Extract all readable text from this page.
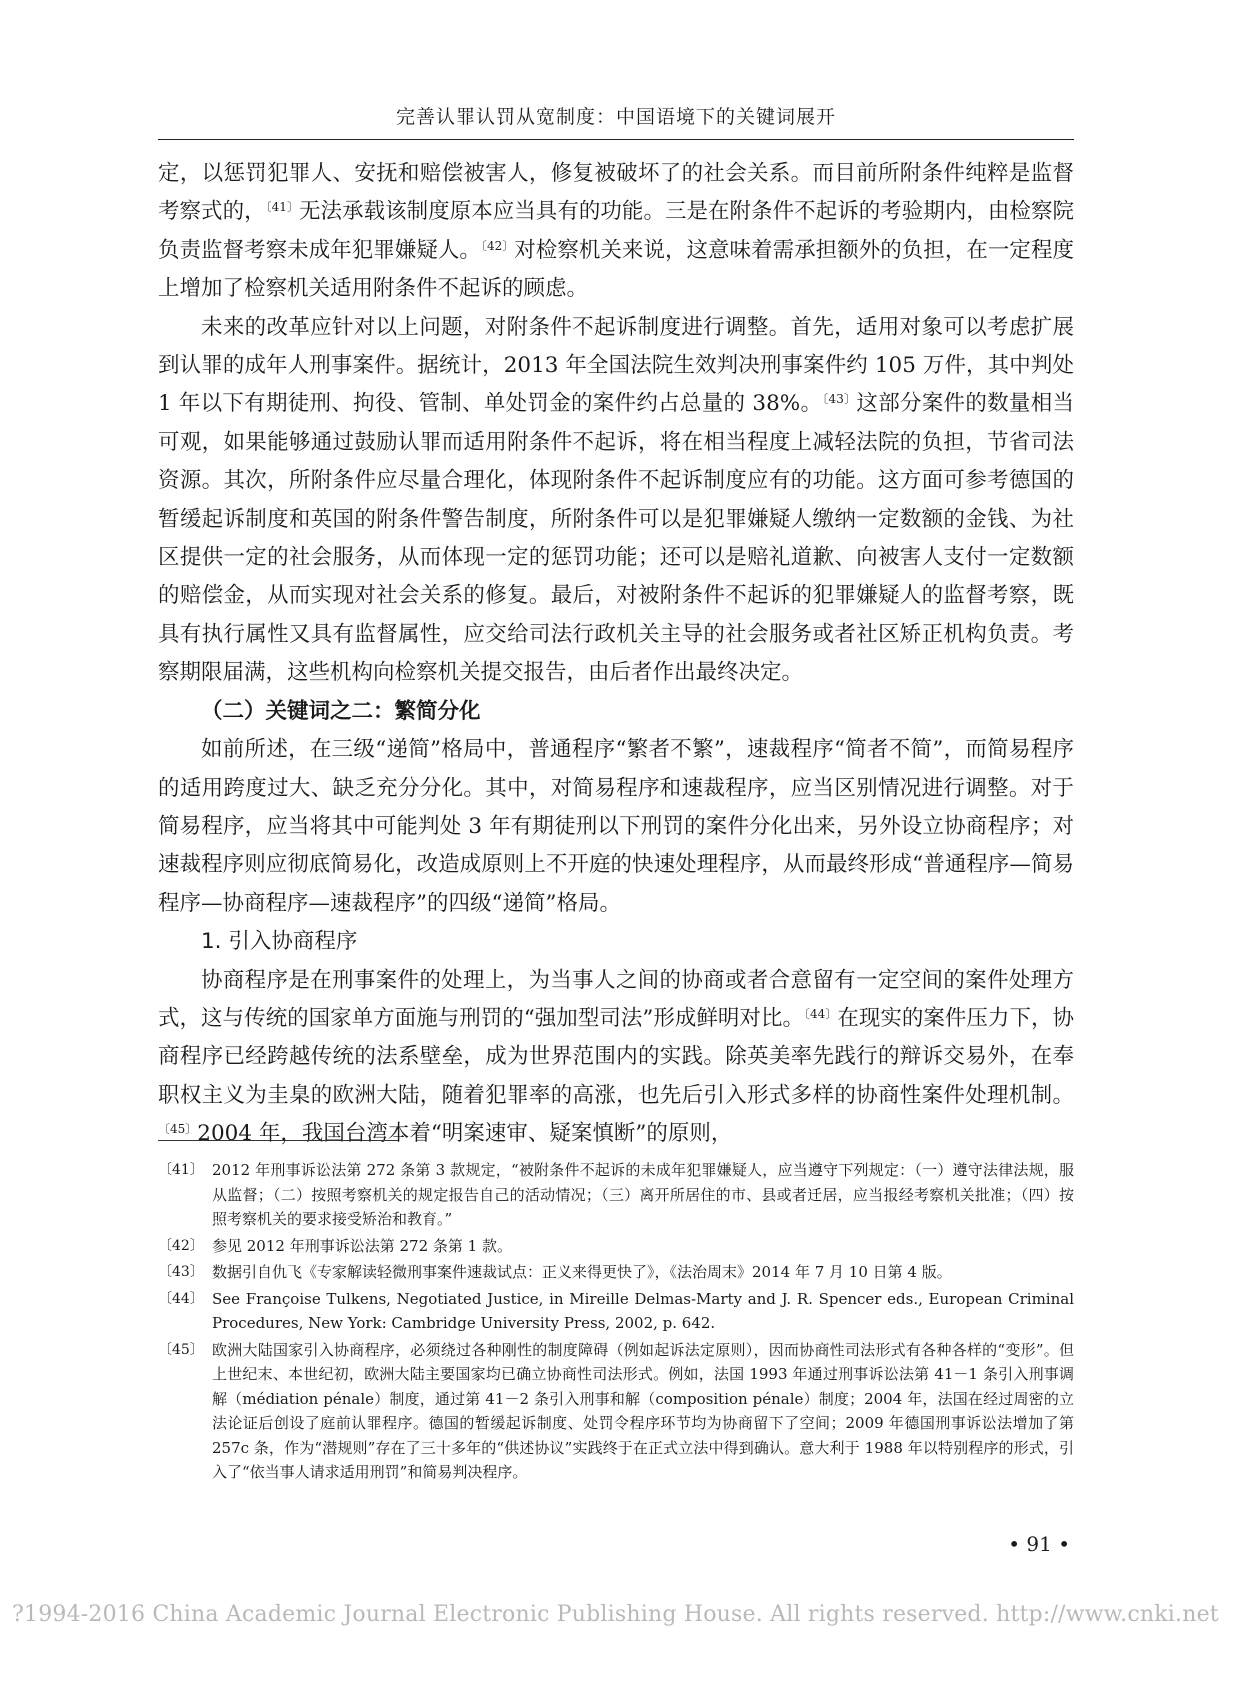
完善认罪认罚从宽制度：中国语境下的关键词展开

定，以惩罚犯罪人、安抚和赔偿被害人，修复被破坏了的社会关系。而目前所附条件纯粹是监督考察式的，$^{〔41〕}$无法承载该制度原本应当具有的功能。三是在附条件不起诉的考验期内，由检察院负责监督考察未成年犯罪嫌疑人。$^{〔42〕}$对检察机关来说，这意味着需承担额外的负担，在一定程度上增加了检察机关适用附条件不起诉的顾虑。

未来的改革应针对以上问题，对附条件不起诉制度进行调整。首先，适用对象可以考虑扩展到认罪的成年人刑事案件。据统计，2013 年全国法院生效判决刑事案件约 105 万件，其中判处 1 年以下有期徒刑、拘役、管制、单处罚金的案件约占总量的 38%。$^{〔43〕}$这部分案件的数量相当可观，如果能够通过鼓励认罪而适用附条件不起诉，将在相当程度上减轻法院的负担，节省司法资源。其次，所附条件应尽量合理化，体现附条件不起诉制度应有的功能。这方面可参考德国的暂缓起诉制度和英国的附条件警告制度，所附条件可以是犯罪嫌疑人缴纳一定数额的金钱、为社区提供一定的社会服务，从而体现一定的惩罚功能；还可以是赔礼道歉、向被害人支付一定数额的赔偿金，从而实现对社会关系的修复。最后，对被附条件不起诉的犯罪嫌疑人的监督考察，既具有执行属性又具有监督属性，应交给司法行政机关主导的社会服务或者社区矫正机构负责。考察期限届满，这些机构向检察机关提交报告，由后者作出最终决定。

（二）关键词之二：繁简分化

如前所述，在三级“递简”格局中，普通程序“繁者不繁”，速裁程序“简者不简”，而简易程序的适用跨度过大、缺乏充分分化。其中，对简易程序和速裁程序，应当区别情况进行调整。对于简易程序，应当将其中可能判处 3 年有期徒刑以下刑罚的案件分化出来，另外设立协商程序；对速裁程序则应彻底简易化，改造成原则上不开庭的快速处理程序，从而最终形成“普通程序—简易程序—协商程序—速裁程序”的四级“递简”格局。

1. 引入协商程序

协商程序是在刑事案件的处理上，为当事人之间的协商或者合意留有一定空间的案件处理方式，这与传统的国家单方面施与刑罚的“强加型司法”形成鲜明对比。$^{〔44〕}$在现实的案件压力下，协商程序已经跨越传统的法系壁垒，成为世界范围内的实践。除英美率先践行的辩诉交易外，在奉职权主义为圭臬的欧洲大陆，随着犯罪率的高涨，也先后引入形式多样的协商性案件处理机制。$^{〔45〕}$2004 年，我国台湾本着“明案速审、疑案慎断”的原则，

〔41〕 2012 年刑事诉讼法第 272 条第 3 款规定，“被附条件不起诉的未成年犯罪嫌疑人，应当遵守下列规定：（一）遵守法律法规，服从监督；（二）按照考察机关的规定报告自己的活动情况；（三）离开所居住的市、县或者迁居，应当报经考察机关批准；（四）按照考察机关的要求接受矫治和教育。”
〔42〕 参见 2012 年刑事诉讼法第 272 条第 1 款。
〔43〕 数据引自仇飞《专家解读轻微刑事案件速裁试点：正义来得更快了》，《法治周末》2014 年 7 月 10 日第 4 版。
〔44〕 See Françoise Tulkens, Negotiated Justice, in Mireille Delmas-Marty and J. R. Spencer eds., European Criminal Procedures, New York: Cambridge University Press, 2002, p. 642.
〔45〕 欧洲大陆国家引入协商程序，必须绕过各种刚性的制度障碍（例如起诉法定原则），因而协商性司法形式有各种各样的“变形”。但上世纪末、本世纪初，欧洲大陆主要国家均已确立协商性司法形式。例如，法国 1993 年通过刑事诉讼法第 41－1 条引入刑事调解（médiation pénale）制度，通过第 41－2 条引入刑事和解（composition pénale）制度；2004 年，法国在经过周密的立法论证后创设了庭前认罪程序。德国的暂缓起诉制度、处罚令程序环节均为协商留下了空间；2009 年德国刑事诉讼法增加了第 257c 条，作为“潜规则”存在了三十多年的“供述协议”实践终于在正式立法中得到确认。意大利于 1988 年以特别程序的形式，引入了“依当事人请求适用刑罚”和简易判决程序。
• 91 •
?1994-2016 China Academic Journal Electronic Publishing House. All rights reserved. http://www.cnki.net
